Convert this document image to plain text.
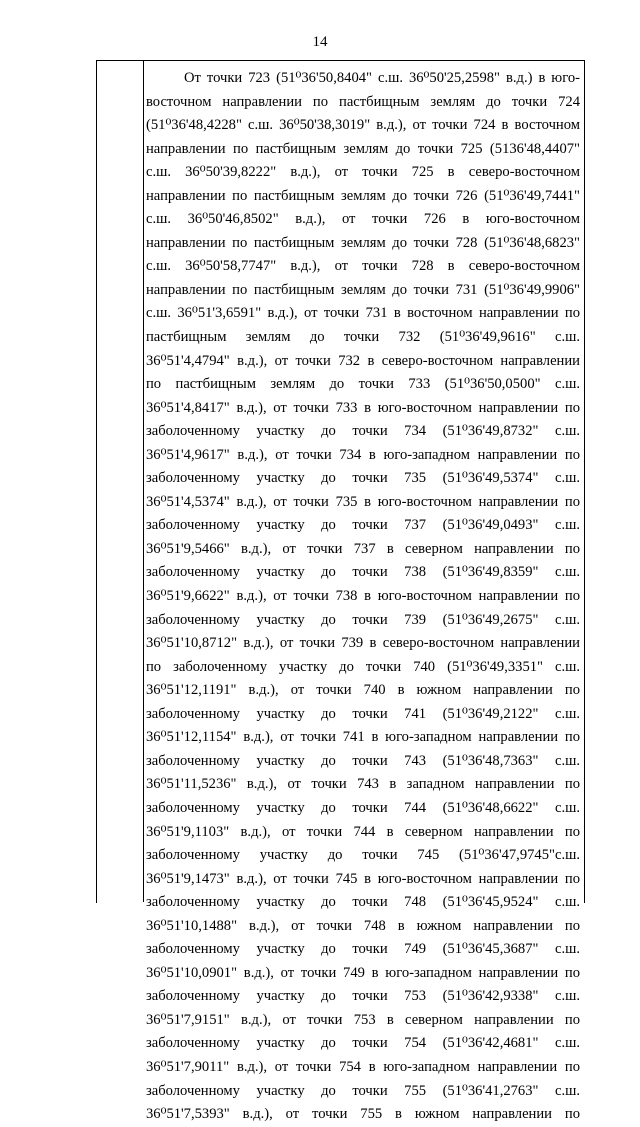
14
От точки 723 (51⁰36'50,8404" с.ш. 36⁰50'25,2598" в.д.) в юго-
восточном направлении по пастбищным землям до точки 724
(51⁰36'48,4228" с.ш. 36⁰50'38,3019" в.д.), от точки 724 в восточном
направлении по пастбищным землям до точки 725 (5136'48,4407"
с.ш. 36⁰50'39,8222" в.д.), от точки 725 в северо-восточном
направлении по пастбищным землям до точки 726 (51⁰36'49,7441"
с.ш. 36⁰50'46,8502" в.д.), от точки 726 в юго-восточном
направлении по пастбищным землям до точки 728 (51⁰36'48,6823"
с.ш. 36⁰50'58,7747" в.д.), от точки 728 в северо-восточном
направлении по пастбищным землям до точки 731 (51⁰36'49,9906"
с.ш. 36⁰51'3,6591" в.д.), от точки 731 в восточном направлении по
пастбищным землям до точки 732 (51⁰36'49,9616" с.ш.
36⁰51'4,4794" в.д.), от точки 732 в северо-восточном направлении
по пастбищным землям до точки 733 (51⁰36'50,0500" с.ш.
36⁰51'4,8417" в.д.), от точки 733 в юго-восточном направлении по
заболоченному участку до точки 734 (51⁰36'49,8732" с.ш.
36⁰51'4,9617" в.д.), от точки 734 в юго-западном направлении по
заболоченному участку до точки 735 (51⁰36'49,5374" с.ш.
36⁰51'4,5374" в.д.), от точки 735 в юго-восточном направлении по
заболоченному участку до точки 737 (51⁰36'49,0493" с.ш.
36⁰51'9,5466" в.д.), от точки 737 в северном направлении по
заболоченному участку до точки 738 (51⁰36'49,8359" с.ш.
36⁰51'9,6622" в.д.), от точки 738 в юго-восточном направлении по
заболоченному участку до точки 739 (51⁰36'49,2675" с.ш.
36⁰51'10,8712" в.д.), от точки 739 в северо-восточном направлении
по заболоченному участку до точки 740 (51⁰36'49,3351" с.ш.
36⁰51'12,1191" в.д.), от точки 740 в южном направлении по
заболоченному участку до точки 741 (51⁰36'49,2122" с.ш.
36⁰51'12,1154" в.д.), от точки 741 в юго-западном направлении по
заболоченному участку до точки 743 (51⁰36'48,7363" с.ш.
36⁰51'11,5236" в.д.), от точки 743 в западном направлении по
заболоченному участку до точки 744 (51⁰36'48,6622" с.ш.
36⁰51'9,1103" в.д.), от точки 744 в северном направлении по
заболоченному участку до точки 745 (51⁰36'47,9745"с.ш.
36⁰51'9,1473" в.д.), от точки 745 в юго-восточном направлении по
заболоченному участку до точки 748 (51⁰36'45,9524" с.ш.
36⁰51'10,1488" в.д.), от точки 748 в южном направлении по
заболоченному участку до точки 749 (51⁰36'45,3687" с.ш.
36⁰51'10,0901" в.д.), от точки 749 в юго-западном направлении по
заболоченному участку до точки 753 (51⁰36'42,9338" с.ш.
36⁰51'7,9151" в.д.), от точки 753 в северном направлении по
заболоченному участку до точки 754 (51⁰36'42,4681" с.ш.
36⁰51'7,9011" в.д.), от точки 754 в юго-западном направлении по
заболоченному участку до точки 755 (51⁰36'41,2763" с.ш.
36⁰51'7,5393" в.д.), от точки 755 в южном направлении по
